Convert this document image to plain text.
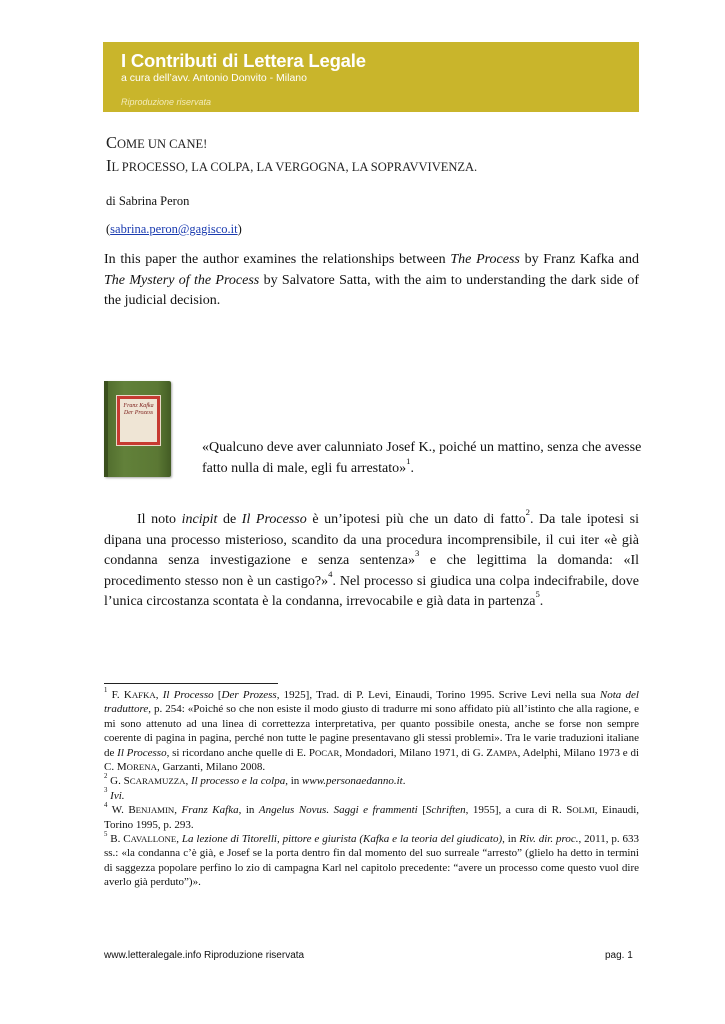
I Contributi di Lettera Legale
a cura dell’avv. Antonio Donvito - Milano
Riproduzione riservata
COME UN CANE!
IL PROCESSO, LA COLPA, LA VERGOGNA, LA SOPRAVVIVENZA.
di Sabrina Peron
(sabrina.peron@gagisco.it)
In this paper the author examines the relationships between The Process by Franz Kafka and The Mystery of the Process by Salvatore Satta, with the aim to understanding the dark side of the judicial decision.
Franz Kafka Der Prozess
«Qualcuno deve aver calunniato Josef K., poiché un mattino, senza che avesse fatto nulla di male, egli fu arrestato»$^1$.
Il noto incipit de Il Processo è un’ipotesi più che un dato di fatto$^2$. Da tale ipotesi si dipana una processo misterioso, scandito da una procedura incomprensibile, il cui iter «è già condanna senza investigazione e senza sentenza»$^3$ e che legittima la domanda: «Il procedimento stesso non è un castigo?»$^4$. Nel processo si giudica una colpa indecifrabile, dove l’unica circostanza scontata è la condanna, irrevocabile e già data in partenza$^5$.

$^1$ F. KAFKA, Il Processo [Der Prozess, 1925], Trad. di P. Levi, Einaudi, Torino 1995. Scrive Levi nella sua Nota del traduttore, p. 254: «Poiché so che non esiste il modo giusto di tradurre mi sono affidato più all’istinto che alla ragione, e mi sono attenuto ad una linea di correttezza interpretativa, per quanto possibile onesta, anche se forse non sempre coerente di pagina in pagina, perché non tutte le pagine presentavano gli stessi problemi». Tra le varie traduzioni italiane de Il Processo, si ricordano anche quelle di E. POCAR, Mondadori, Milano 1971, di G. ZAMPA, Adelphi, Milano 1973 e di C. MORENA, Garzanti, Milano 2008.

$^2$ G. SCARAMUZZA, Il processo e la colpa, in www.personaedanno.it.

$^3$ Ivi.

$^4$ W. BENJAMIN, Franz Kafka, in Angelus Novus. Saggi e frammenti [Schriften, 1955], a cura di R. SOLMI, Einaudi, Torino 1995, p. 293.

$^5$ B. CAVALLONE, La lezione di Titorelli, pittore e giurista (Kafka e la teoria del giudicato), in Riv. dir. proc., 2011, p. 633 ss.: «la condanna c’è già, e Josef se la porta dentro fin dal momento del suo surreale “arresto” (glielo ha detto in termini di saggezza popolare perfino lo zio di campagna Karl nel capitolo precedente: “avere un processo come questo vuol dire averlo già perduto”)».

www.letteralegale.info Riproduzione riservata	pag. 1
